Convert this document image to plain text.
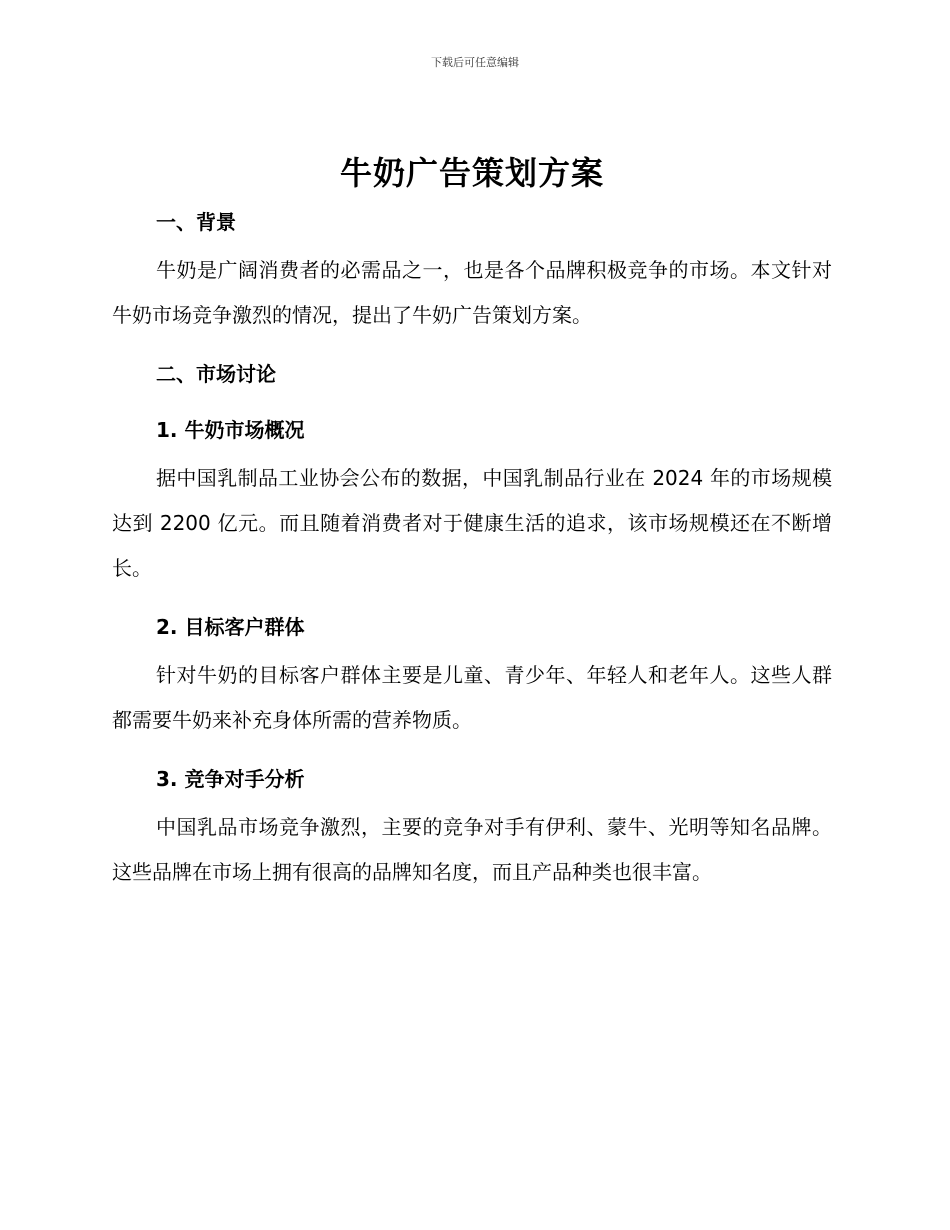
下载后可任意编辑
牛奶广告策划方案
一、背景

牛奶是广阔消费者的必需品之一，也是各个品牌积极竞争的市场。本文针对牛奶市场竞争激烈的情况，提出了牛奶广告策划方案。

二、市场讨论
1. 牛奶市场概况

据中国乳制品工业协会公布的数据，中国乳制品行业在 2024 年的市场规模达到 2200 亿元。而且随着消费者对于健康生活的追求，该市场规模还在不断增长。

2. 目标客户群体

针对牛奶的目标客户群体主要是儿童、青少年、年轻人和老年人。这些人群都需要牛奶来补充身体所需的营养物质。

3. 竞争对手分析

中国乳品市场竞争激烈，主要的竞争对手有伊利、蒙牛、光明等知名品牌。这些品牌在市场上拥有很高的品牌知名度，而且产品种类也很丰富。
